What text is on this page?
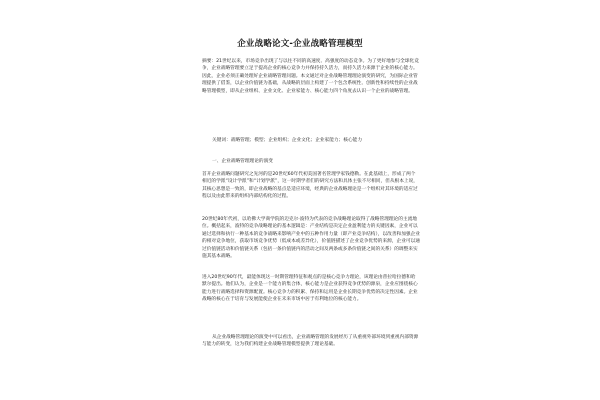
企业战略论文-企业战略管理模型
摘要：21世纪以来，市场竞争出现了与以往不同的高速度、高强度的动态竞争。为了更好地参与全球化竞争，企业战略管理要立足于提高企业的核心竞争力并保持持久活力，而持久活力来源于企业的核心能力。因此，企业必须正确处理好企业战略管理问题。本文通过对企业战略管理理论演变的研究，为国际企业管理提供了借鉴，以企业价值链为基础，从战略的层面上构建了一个包含系统性、创新性和持续性的企业战略管理模型，即从企业组织、企业文化、企业家能力、核心能力四个角度去认识一个企业的战略管理。
关键词：战略管理；模型；企业组织；企业文化；企业家能力；核心能力
一、企业战略管理理论的演变
首开企业战略问题研究之先河的是20世纪60年代初美国著名管理学家钱德勒。在此基础上，形成了两个相近的学派“设计学派”和“计划学派”，这一时期学者们的研究方法和具体主张不尽相同，但从根本上说，其核心思想是一致的，即企业战略的基点是适应环境，经典的企业战略理论是一个组织对其环境的适应过程以及由此带来的组织内部结构化的过程。
20世纪80年代初，以哈佛大学商学院的迈克尔·波特为代表的竞争战略理论取得了战略管理理论的主流地位。概括起来，波特的竞争战略理论的基本逻辑是：产业结构是决定企业盈利能力的关键因素，企业可以通过选择和执行一种基本的竞争战略来影响产业中的五种作用力量（即产业竞争结构），以改善和加强企业的相对竞争地位，获取市场竞争优势（低成本或差异化），价值链描述了企业竞争优势的来源，企业可以通过价值链活动和价值链关系（包括一条价值链内的活动之间及两条或多条价值链之间的关系）的调整来实施其基本战略。
进入20世纪90年代，最能体现这一时期管理特征和观点的是核心竞争力理论，该理论由普拉哈拉德和哈默尔提出。他们认为，企业是一个能力的集合体，核心能力是企业获得竞争优势的源泉，企业应围绕核心能力进行战略选择和资源配置。核心竞争力的积累、保持和运用是企业长期竞争优势的决定性因素。企业战略的核心在于培育与发展能使企业在未来市场中居于有利地位的核心能力。
从企业战略管理理论的演变中可以看出，企业战略管理的发展经历了从重视外部环境到重视内部资源与能力的转变，这为我们构建企业战略管理模型提供了理论基础。
